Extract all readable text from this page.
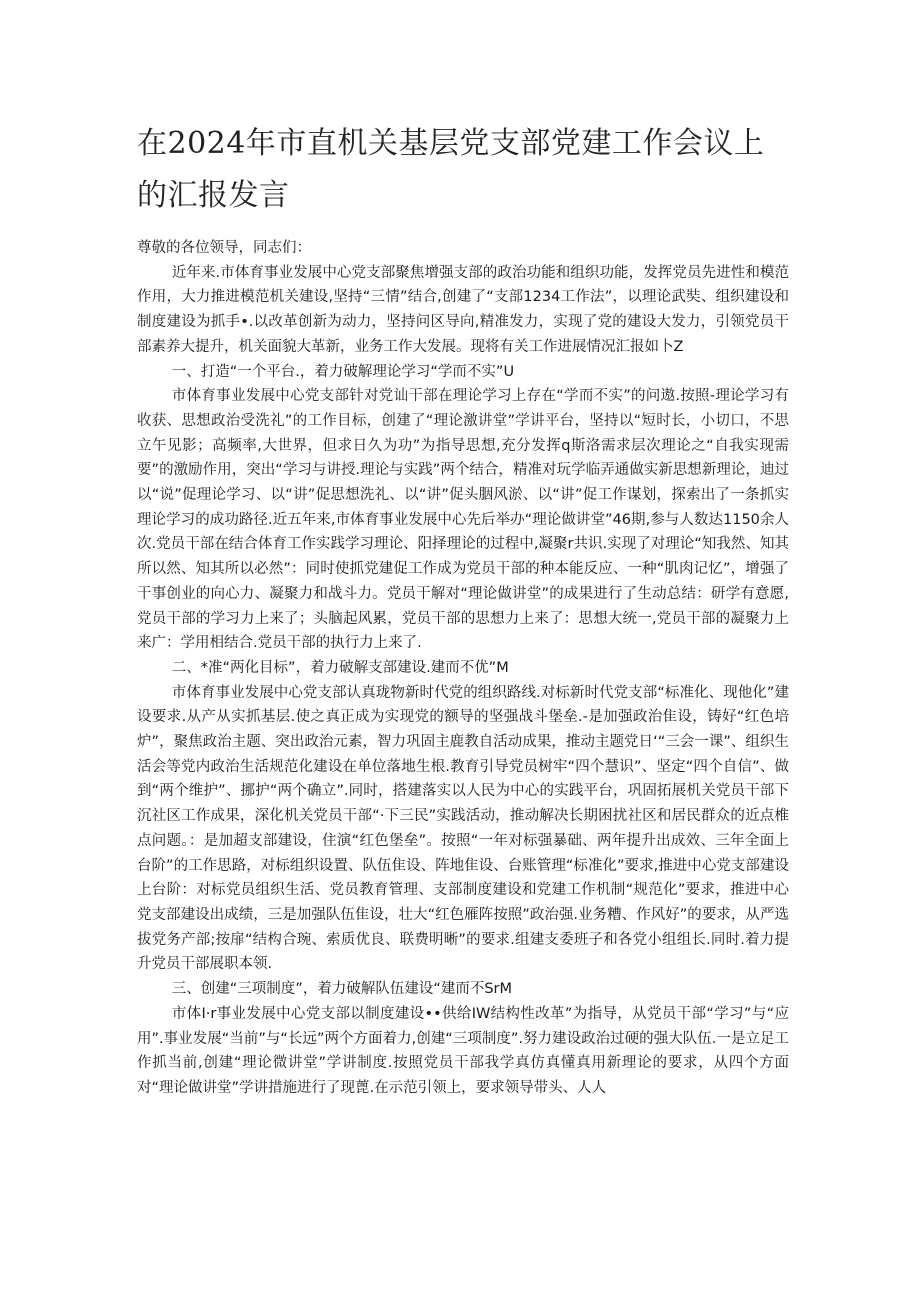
在2024年市直机关基层党支部党建工作会议上的汇报发言

尊敬的各位领导，同志们：

近年来.市体育事业发展中心党支部聚焦增强支部的政治功能和组织功能，发挥党员先进性和模范作用，大力推进模范机关建设,坚持“三情”结合,创建了“支部1234工作法”，以理论武奘、组织建设和制度建设为抓手•.以改革创新为动力，坚持问区导向,精准发力，实现了党的建设大发力，引领党员干部素养大提升，机关面貌大革新，业务工作大发展。现将有关工作进展情况汇报如卜Z

一、打造“一个平台.，着力破解理论学习“学而不实”U

市体育事业发展中心党支部针对党讪干部在理论学习上存在“学而不实”的问遨.按照-理论学习有收获、思想政治受洗礼”的工作目标，创建了“理论激讲堂”学讲平台，坚持以“短时长，小切口，不思立午见影；高频率,大世界，但求日久为功”为指导思想,充分发挥q斯洛需求层次理论之“自我实现需要”的激励作用，突出“学习与讲授.理论与实践”两个结合，精准对玩学临弄通做实新思想新理论，迪过以“说”促理论学习、以“讲”促思想洗礼、以“讲”促头胭风淤、以“讲”促工作谋划，探索出了一条抓实理论学习的成功路径.近五年来,市体育事业发展中心先后举办“理论做讲堂”46期,参与人数达1150余人次.党员干部在结合体育工作实践学习理论、阳择理论的过程中,凝聚r共识.实现了对理论“知我然、知其所以然、知其所以必然”：同时使抓党建促工作成为党员干部的种本能反应、一种“肌肉记忆”，增强了干事创业的向心力、凝聚力和战斗力。党员干解对“理论做讲堂”的成果进行了生动总结：研学有意愿,党员干部的学习力上来了；头脑起风累，党员干部的思想力上来了：思想大统一,党员干部的凝聚力上来广：学用相结合.党员干部的执行力上来了.

二、*准“两化目标”，着力破解支部建设.建而不优”M

市体育事业发展中心党支部认真珑物新时代党的组织路线.对标新时代党支部“标准化、现他化”建设要求.从产从实抓基层.使之真正成为实现党的额导的坚强战斗堡垒.-是加强政治隹设，铸好“红色培炉”，聚焦政治主题、突出政治元素，智力巩固主鹿教自活动成果，推动主题党日‘“三会一课”、组织生活会等党内政治生活规范化建设在单位落地生根.教育引导党员树牢“四个慧识”、坚定“四个自信”、做到“两个维护”、挪护“两个确立”.同时，搭建落实以人民为中心的实践平台，巩固拓展机关党员干部下沉社区工作成果，深化机关党员干部“·下三民”实践活动，推动解决长期困扰社区和居民群众的近点椎点问题。：是加超支部建设，住演“红色堡垒”。按照“一年对标强暴础、两年提升出成效、三年全面上台阶”的工作思路，对标组织设置、队伍隹设、阵地隹设、台账管理“标准化”要求,推进中心党支部建设上台阶：对标党员组织生活、党员教育管理、支部制度建设和党建工作机制“规范化”要求，推进中心党支部建设出成绩，三是加强队伍隹设，壮大“红色雁阵按照”政治强.业务糟、作风好”的要求，从严选拔党务产部;按扉“结构合琬、索质优良、联费明晰”的要求.组建支委班子和各党小组组长.同时.着力提升党员干部展职本领.

三、创建“三项制度”，着力破解队伍建设“建而不SrM

市体I·r事业发展中心党支部以制度建设••供给IW结构性改革”为指导，从党员干部“学习”与“应用”.事业发展“当前”与“长远”两个方面着力,创建“三项制度”.努力建设政治过硬的强大队伍.一是立足工作抓当前,创建“理论微讲堂”学讲制度.按照党员干部我学真仿真懂真用新理论的要求，从四个方面对“理论做讲堂”学讲措施进行了现蓖.在示范引领上，要求领导带头、人人
